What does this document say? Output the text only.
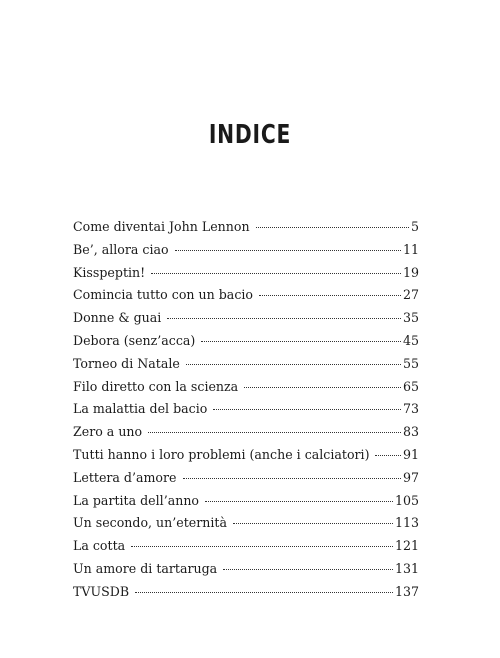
INDICE
Come diventai John Lennon	5
Be’, allora ciao	11
Kisspeptin!	19
Comincia tutto con un bacio	27
Donne & guai	35
Debora (senz’acca)	45
Torneo di Natale	55
Filo diretto con la scienza	65
La malattia del bacio	73
Zero a uno	83
Tutti hanno i loro problemi (anche i calciatori)	91
Lettera d’amore	97
La partita dell’anno	105
Un secondo, un’eternità	113
La cotta	121
Un amore di tartaruga	131
TVUSDB	137
